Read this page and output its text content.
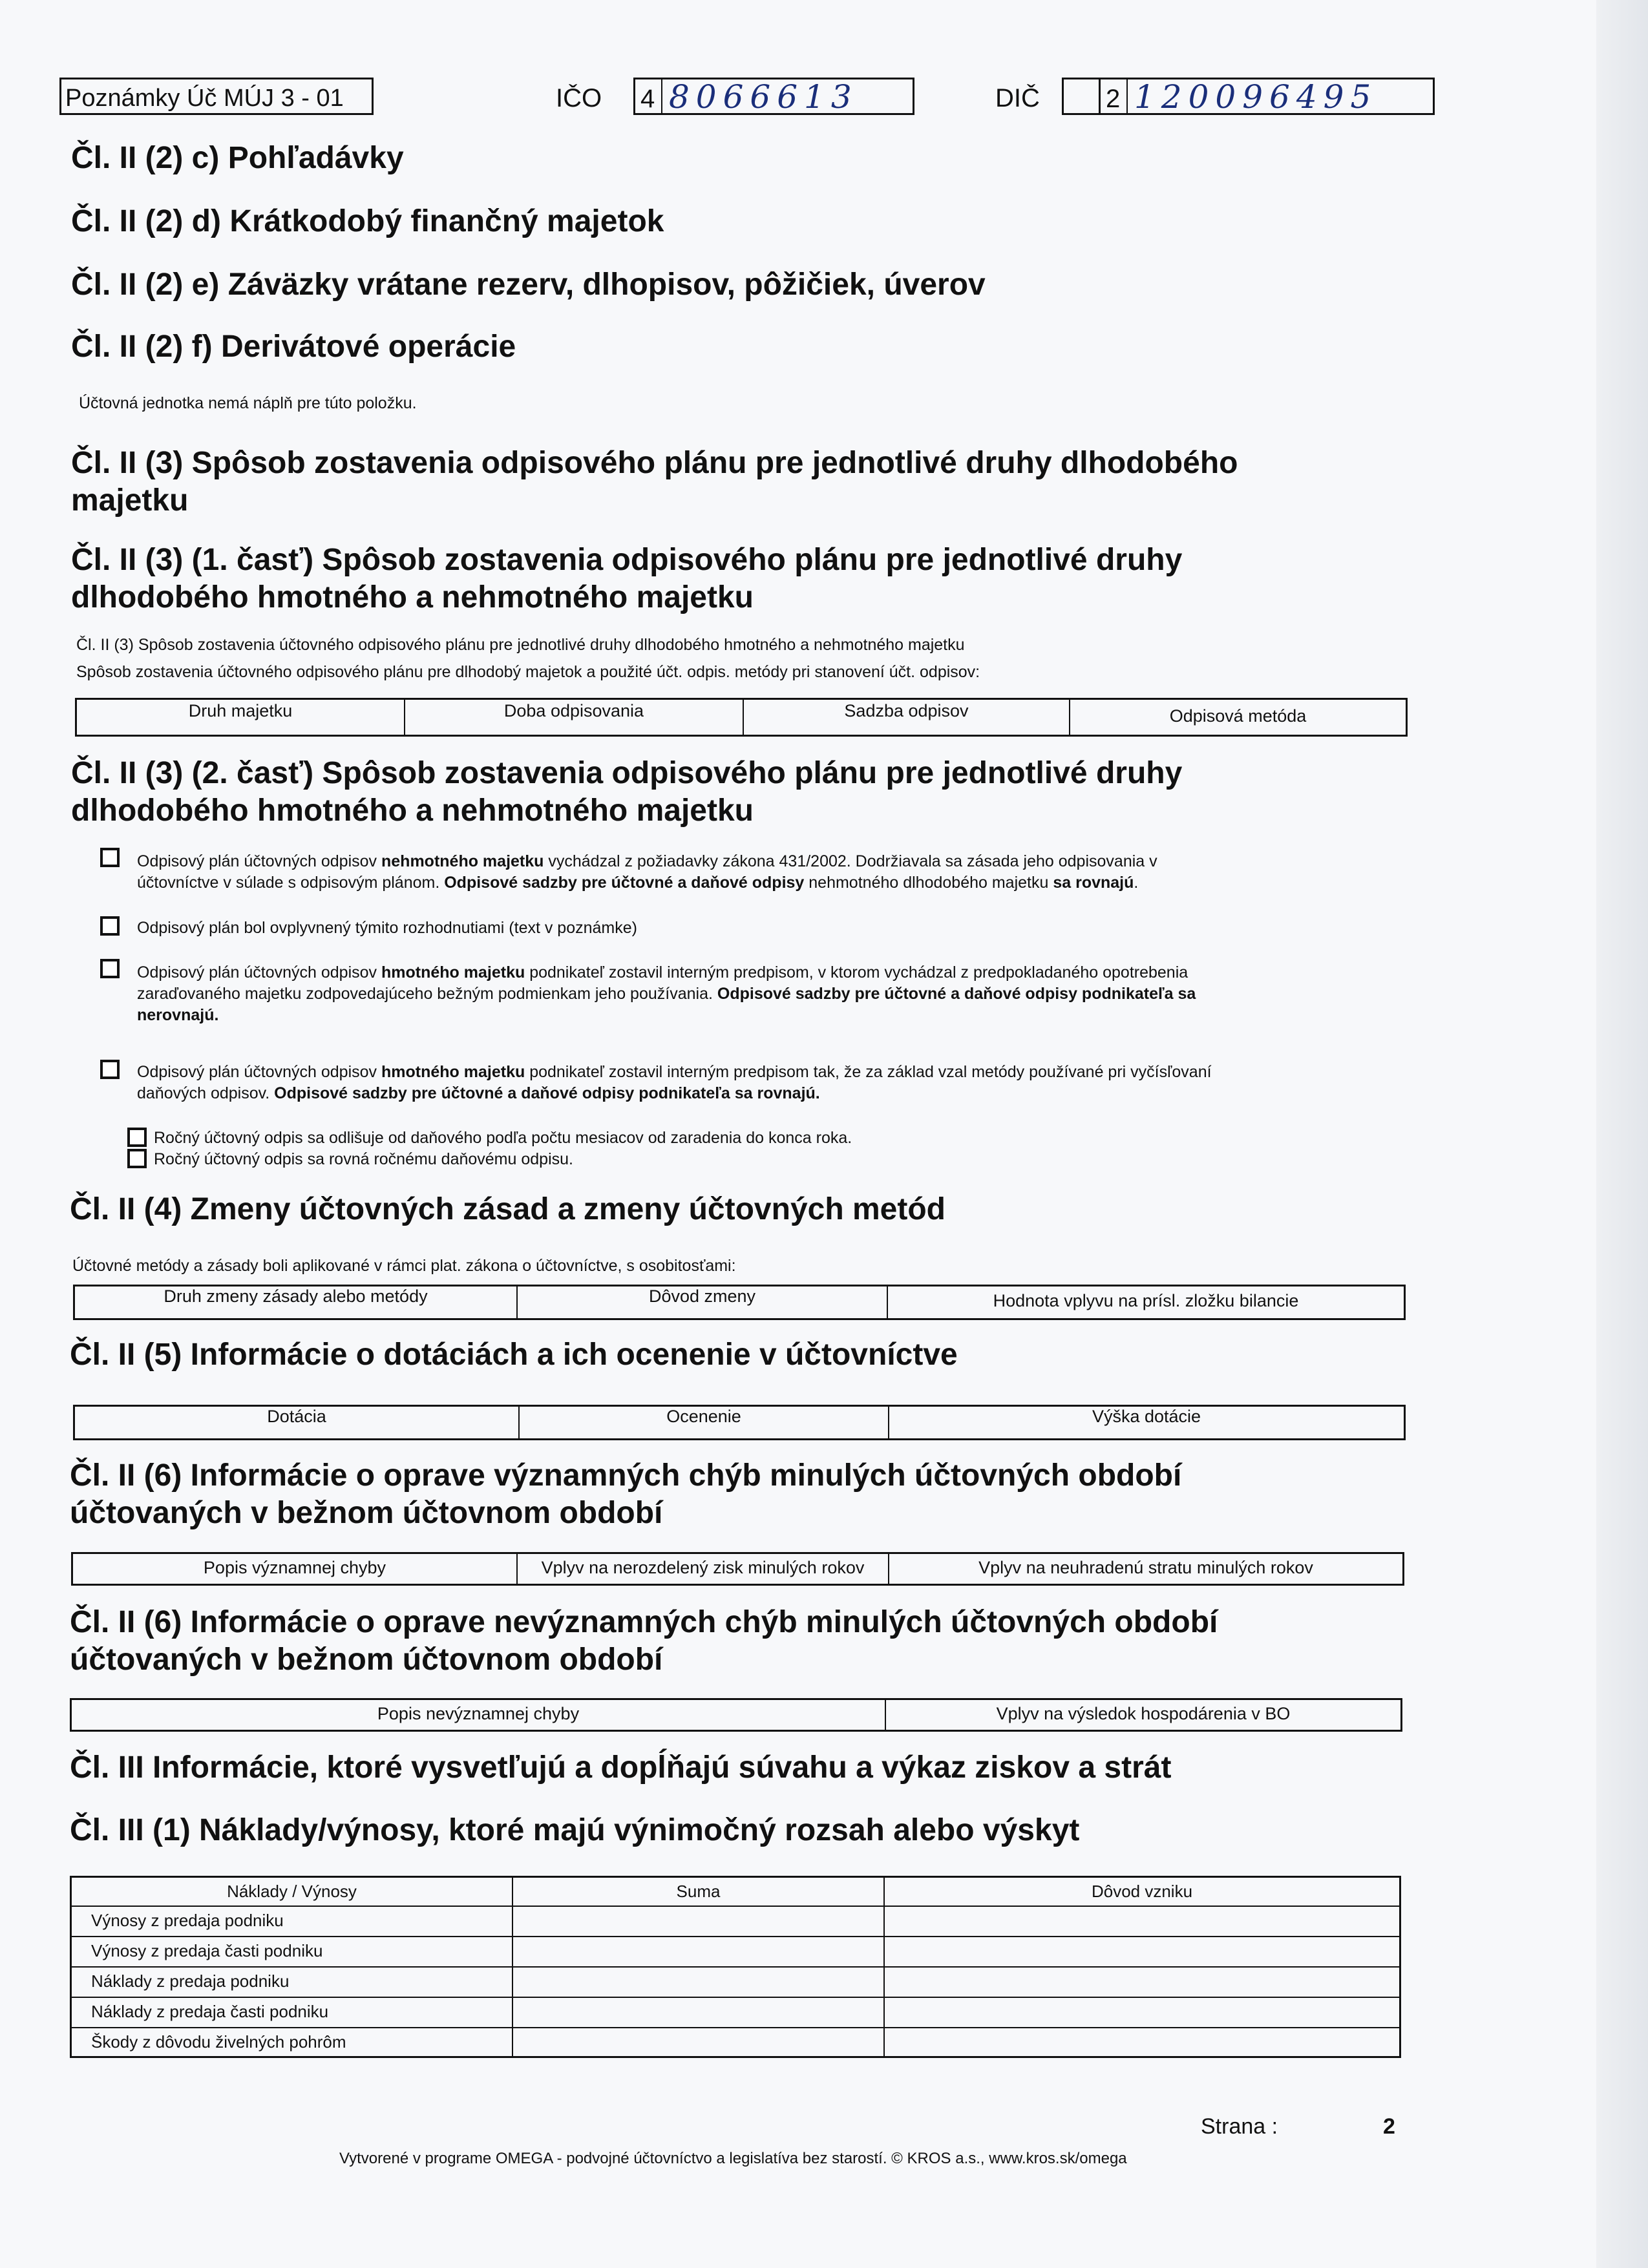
Poznámky Úč MÚJ 3 - 01	IČO 4 8066613	DIČ	2 120096495
Čl. II (2) c) Pohľadávky
Čl. II (2) d) Krátkodobý finančný majetok
Čl. II (2) e) Záväzky vrátane rezerv, dlhopisov, pôžičiek, úverov
Čl. II (2) f) Derivátové operácie
Účtovná jednotka nemá náplň pre túto položku.
Čl. II (3) Spôsob zostavenia odpisového plánu pre jednotlivé druhy dlhodobého
majetku
Čl. II (3) (1. časť) Spôsob zostavenia odpisového plánu pre jednotlivé druhy
dlhodobého hmotného a nehmotného majetku
Čl. II (3) Spôsob zostavenia účtovného odpisového plánu pre jednotlivé druhy dlhodobého hmotného a nehmotného majetku
Spôsob zostavenia účtovného odpisového plánu pre dlhodobý majetok a použité účt. odpis. metódy pri stanovení účt. odpisov:
Druh majetku	Doba odpisovania	Sadzba odpisov	Odpisová metóda
Čl. II (3) (2. časť) Spôsob zostavenia odpisového plánu pre jednotlivé druhy
dlhodobého hmotného a nehmotného majetku
Odpisový plán účtovných odpisov nehmotného majetku vychádzal z požiadavky zákona 431/2002. Dodržiavala sa zásada jeho odpisovania v
účtovníctve v súlade s odpisovým plánom. Odpisové sadzby pre účtovné a daňové odpisy nehmotného dlhodobého majetku sa rovnajú.
Odpisový plán bol ovplyvnený týmito rozhodnutiami (text v poznámke)
Odpisový plán účtovných odpisov hmotného majetku podnikateľ zostavil interným predpisom, v ktorom vychádzal z predpokladaného opotrebenia
zaraďovaného majetku zodpovedajúceho bežným podmienkam jeho používania. Odpisové sadzby pre účtovné a daňové odpisy podnikateľa sa
nerovnajú.
Odpisový plán účtovných odpisov hmotného majetku podnikateľ zostavil interným predpisom tak, že za základ vzal metódy používané pri vyčísľovaní
daňových odpisov. Odpisové sadzby pre účtovné a daňové odpisy podnikateľa sa rovnajú.
Ročný účtovný odpis sa odlišuje od daňového podľa počtu mesiacov od zaradenia do konca roka.
Ročný účtovný odpis sa rovná ročnému daňovému odpisu.
Čl. II (4) Zmeny účtovných zásad a zmeny účtovných metód
Účtovné metódy a zásady boli aplikované v rámci plat. zákona o účtovníctve, s osobitosťami:
Druh zmeny zásady alebo metódy	Dôvod zmeny	Hodnota vplyvu na prísl. zložku bilancie
Čl. II (5) Informácie o dotáciách a ich ocenenie v účtovníctve
Dotácia	Ocenenie	Výška dotácie
Čl. II (6) Informácie o oprave významných chýb minulých účtovných období
účtovaných v bežnom účtovnom období
Popis významnej chyby	Vplyv na nerozdelený zisk minulých rokov	Vplyv na neuhradenú stratu minulých rokov
Čl. II (6) Informácie o oprave nevýznamných chýb minulých účtovných období
účtovaných v bežnom účtovnom období
Popis nevýznamnej chyby	Vplyv na výsledok hospodárenia v BO
Čl. III Informácie, ktoré vysvetľujú a dopĺňajú súvahu a výkaz ziskov a strát
Čl. III (1) Náklady/výnosy, ktoré majú výnimočný rozsah alebo výskyt
Náklady / Výnosy	Suma	Dôvod vzniku
Výnosy z predaja podniku
Výnosy z predaja časti podniku
Náklady z predaja podniku
Náklady z predaja časti podniku
Škody z dôvodu živelných pohrôm
Strana :	2
Vytvorené v programe OMEGA - podvojné účtovníctvo a legislatíva bez starostí. © KROS a.s., www.kros.sk/omega
